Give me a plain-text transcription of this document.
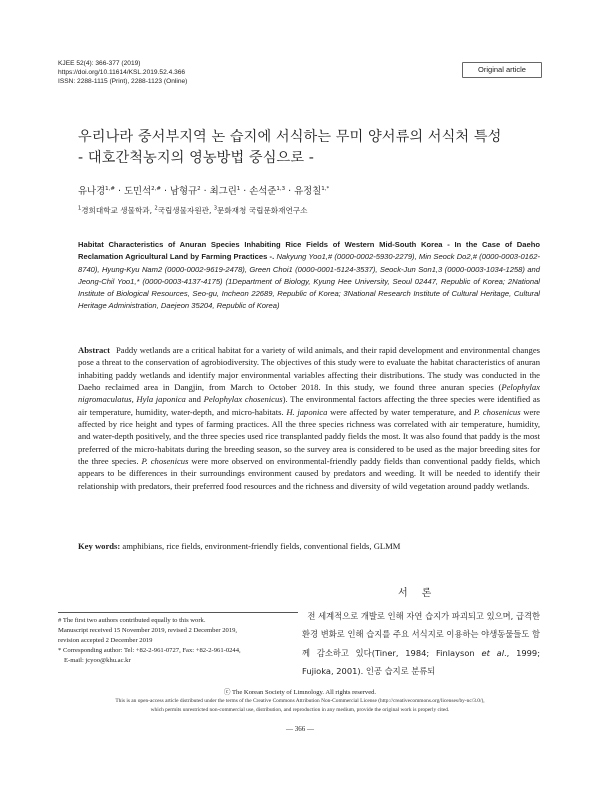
KJEE 52(4): 366-377 (2019)
https://doi.org/10.11614/KSL.2019.52.4.366
ISSN: 2288-1115 (Print), 2288-1123 (Online)
Original article
우리나라 중서부지역 논 습지에 서식하는 무미 양서류의 서식처 특성
- 대호간척농지의 영농방법 중심으로 -
유나경$^{1,\#}$ · 도민석$^{2,\#}$ · 남형규$^2$ · 최그린$^1$ · 손석준$^{1,3}$ · 유정칠$^{1,*}$
$^1$경희대학교 생물학과, $^2$국립생물자원관, $^3$문화재청 국립문화재연구소
Habitat Characteristics of Anuran Species Inhabiting Rice Fields of Western Mid-South Korea - In the Case of Daeho Reclamation Agricultural Land by Farming Practices -. Nakyung Yoo1,# (0000-0002-5930-2279), Min Seock Do2,# (0000-0003-0162-8740), Hyung-Kyu Nam2 (0000-0002-9619-2478), Green Choi1 (0000-0001-5124-3537), Seock-Jun Son1,3 (0000-0003-1034-1258) and Jeong-Chil Yoo1,* (0000-0003-4137-4175) (1Department of Biology, Kyung Hee University, Seoul 02447, Republic of Korea; 2National Institute of Biological Resources, Seo-gu, Incheon 22689, Republic of Korea; 3National Research Institute of Cultural Heritage, Cultural Heritage Administration, Daejeon 35204, Republic of Korea)
Abstract Paddy wetlands are a critical habitat for a variety of wild animals, and their rapid development and environmental changes pose a threat to the conservation of agrobiodiversity. The objectives of this study were to evaluate the habitat characteristics of anuran inhabiting paddy wetlands and identify major environmental variables affecting their distributions. The study was conducted in the Daeho reclaimed area in Dangjin, from March to October 2018. In this study, we found three anuran species (Pelophylax nigromaculatus, Hyla japonica and Pelophylax chosenicus). The environmental factors affecting the three species were identified as air temperature, humidity, water-depth, and micro-habitats. H. japonica were affected by water temperature, and P. chosenicus were affected by rice height and types of farming practices. All the three species richness was correlated with air temperature, humidity, and water-depth positively, and the three species used rice transplanted paddy fields the most. It was also found that paddy is the most preferred of the micro-habitats during the breeding season, so the survey area is considered to be used as the major breeding sites for the three species. P. chosenicus were more observed on environmental-friendly paddy fields than conventional paddy fields, which appears to be differences in their surroundings environment caused by predators and weeding. It will be needed to identify their relationship with predators, their preferred food resources and the richness and diversity of wild vegetation around paddy wetlands.
Key words: amphibians, rice fields, environment-friendly fields, conventional fields, GLMM
서론
# The first two authors contributed equally to this work.
Manuscript received 15 November 2019, revised 2 December 2019,
revision accepted 2 December 2019
* Corresponding author: Tel: +82-2-961-0727, Fax: +82-2-961-0244,
E-mail: jcyoo@khu.ac.kr
전 세계적으로 개발로 인해 자연 습지가 파괴되고 있으며, 급격한 환경 변화로 인해 습지를 주요 서식지로 이용하는 야생동물들도 함께 감소하고 있다(Tiner, 1984; Finlayson et al., 1999; Fujioka, 2001). 인공 습지로 분류되
ⓒ The Korean Society of Limnology. All rights reserved.
This is an open-access article distributed under the terms of the Creative Commons Attribution Non-Commercial License (http://creativecommons.org/licenses/by-nc/3.0/),
which permits unrestricted non-commercial use, distribution, and reproduction in any medium, provide the original work is properly cited.
— 366 —
